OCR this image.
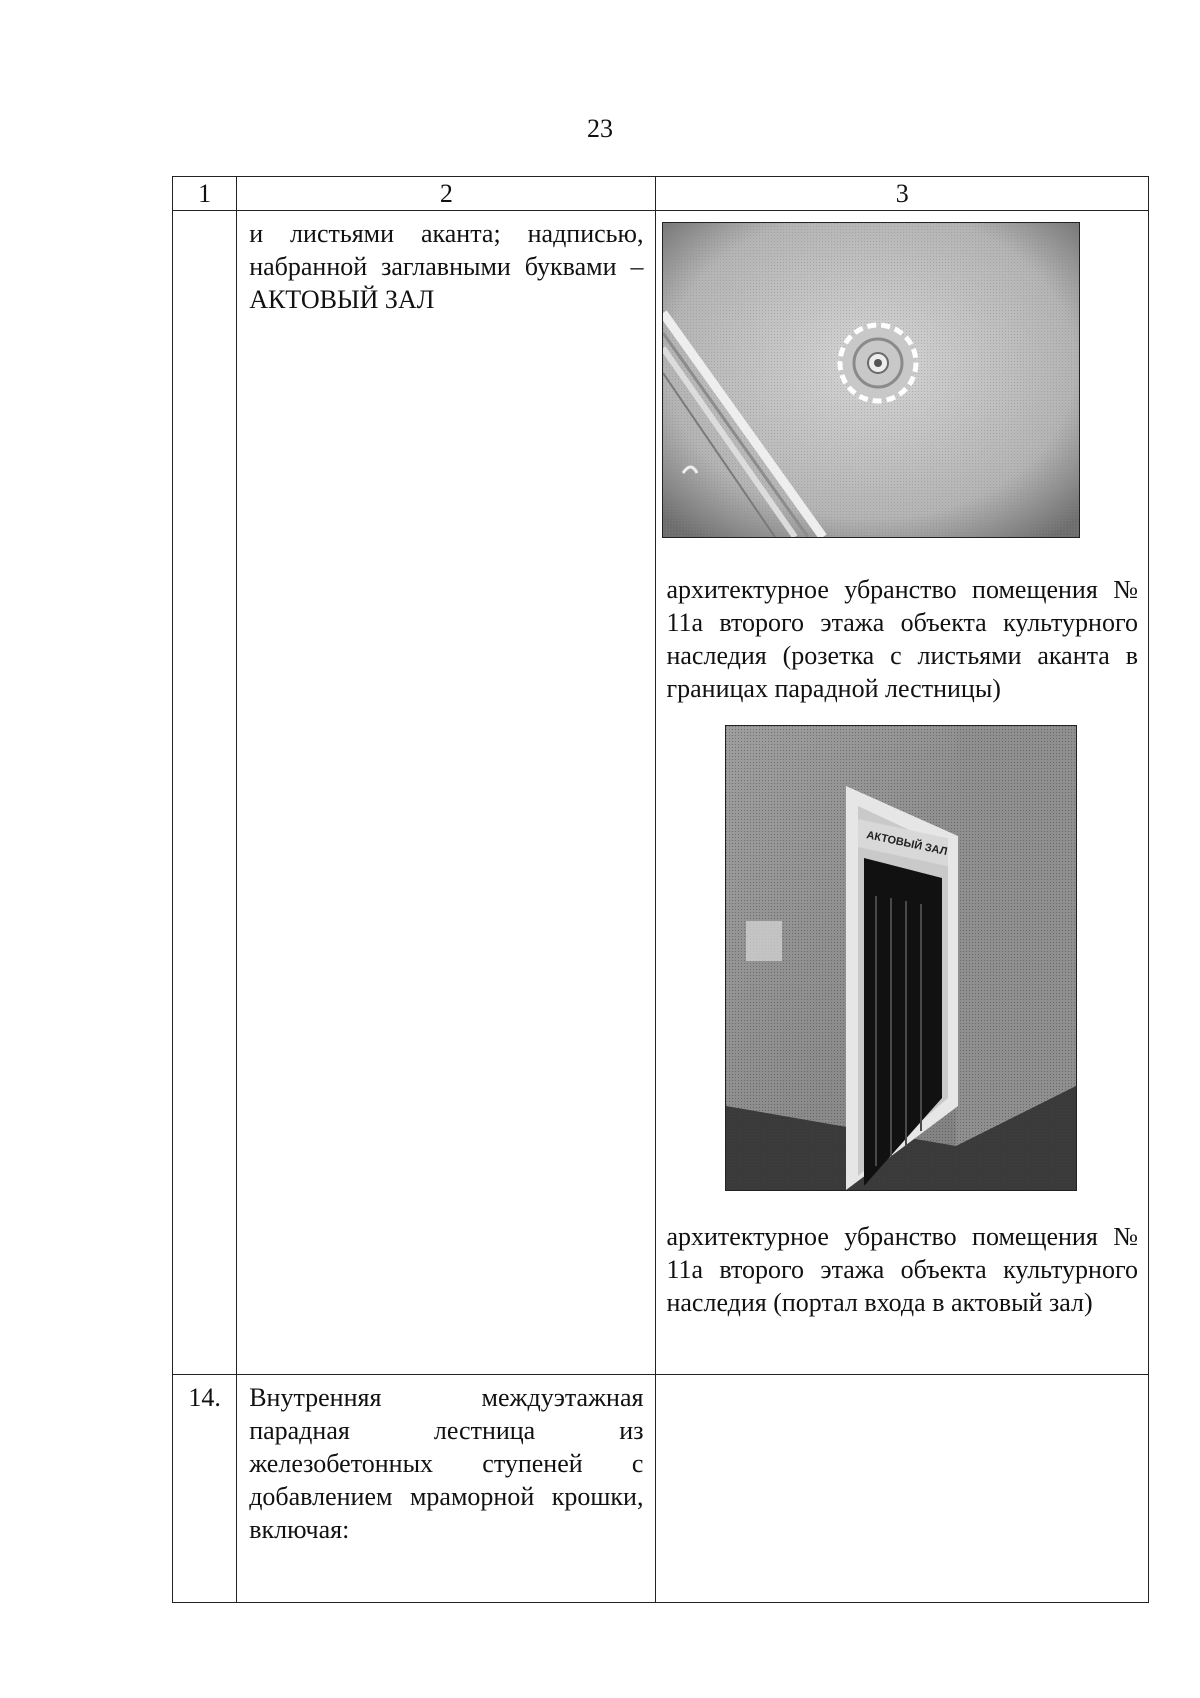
23
1	2	3
	и листьями аканта; надписью, набранной заглавными буквами – АКТОВЫЙ ЗАЛ	архитектурное убранство помещения № 11а второго этажа объекта культурного наследия (розетка с листьями аканта в границах парадной лестницы)
АКТОВЫЙ ЗАЛ
архитектурное убранство помещения № 11а второго этажа объекта культурного наследия (портал входа в актовый зал)

14.	Внутренняя междуэтажная парадная лестница из железобетонных ступеней с добавлением мраморной крошки, включая:	
